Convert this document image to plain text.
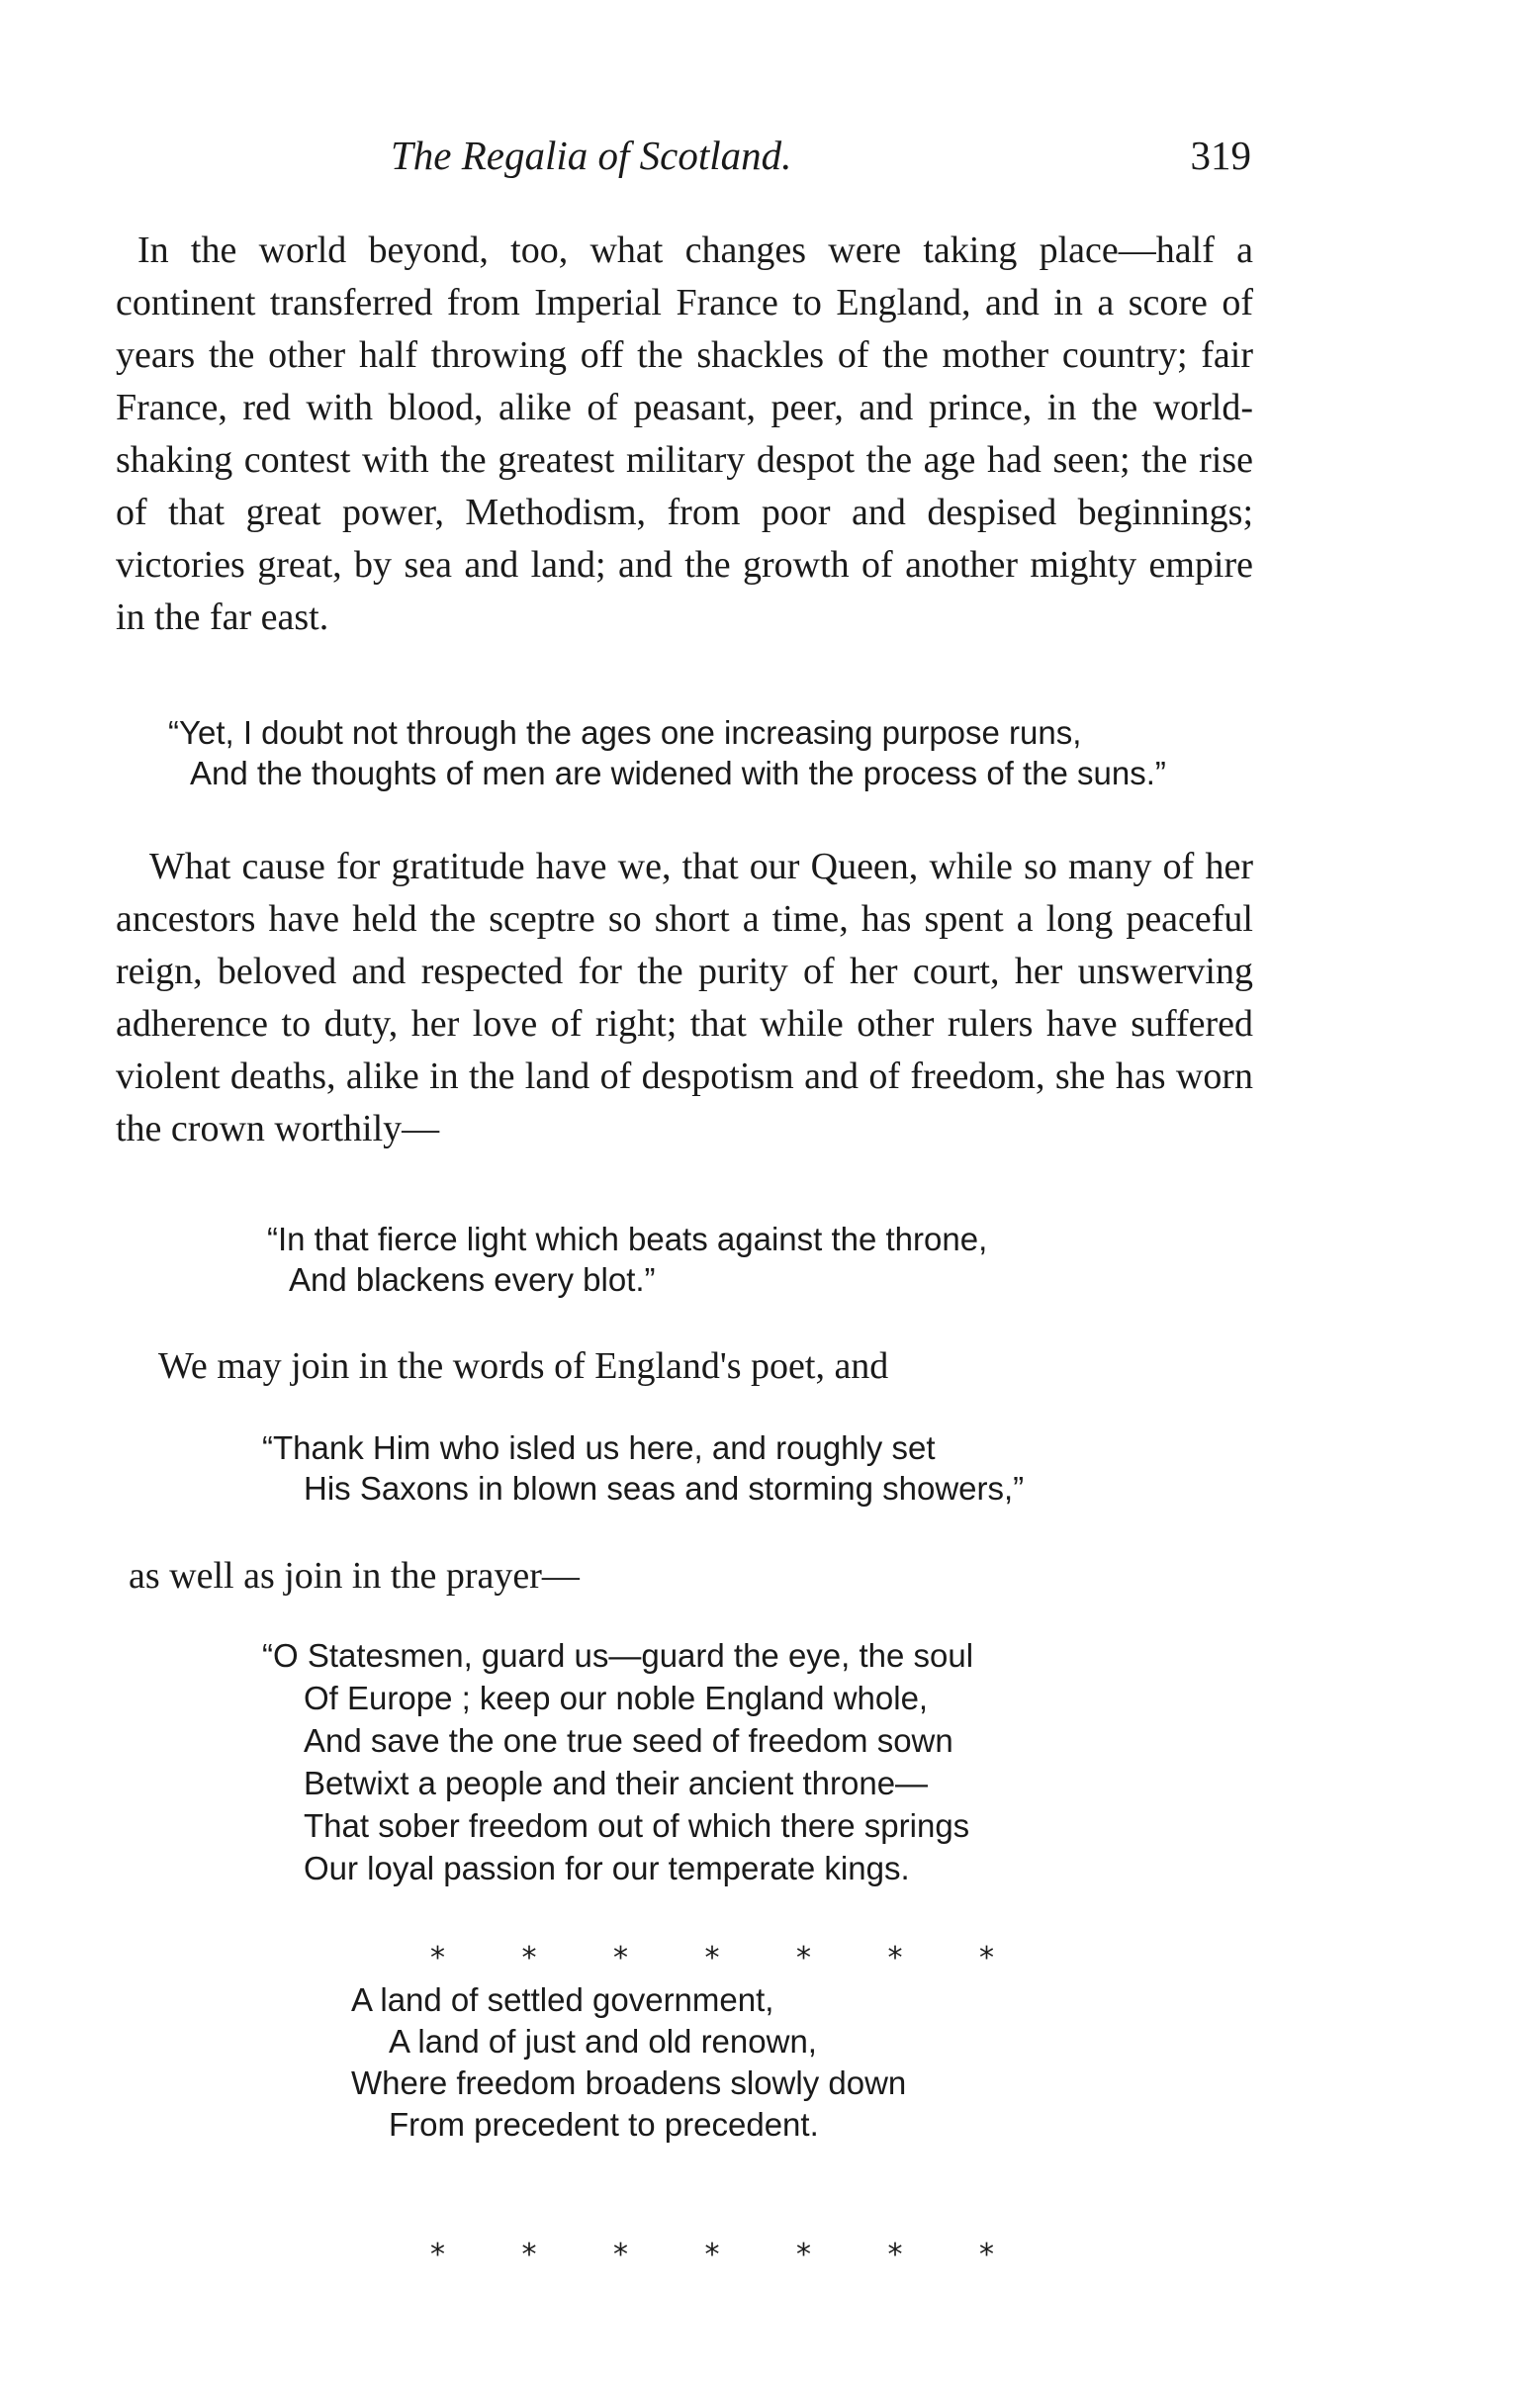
The Regalia of Scotland.	319

In the world beyond, too, what changes were taking place—half a continent transferred from Imperial France to England, and in a score of years the other half throwing off the shackles of the mother country; fair France, red with blood, alike of peasant, peer, and prince, in the world-shaking contest with the greatest military despot the age had seen; the rise of that great power, Methodism, from poor and despised beginnings; victories great, by sea and land; and the growth of another mighty empire in the far east.

“Yet, I doubt not through the ages one increasing purpose runs,
And the thoughts of men are widened with the process of the suns.”

What cause for gratitude have we, that our Queen, while so many of her ancestors have held the sceptre so short a time, has spent a long peaceful reign, beloved and respected for the purity of her court, her unswerving adherence to duty, her love of right; that while other rulers have suffered violent deaths, alike in the land of despotism and of freedom, she has worn the crown worthily—

“In that fierce light which beats against the throne,
And blackens every blot.”

We may join in the words of England's poet, and

“Thank Him who isled us here, and roughly set
His Saxons in blown seas and storming showers,”

as well as join in the prayer—

“O Statesmen, guard us—guard the eye, the soul
Of Europe ; keep our noble England whole,
And save the one true seed of freedom sown
Betwixt a people and their ancient throne—
That sober freedom out of which there springs
Our loyal passion for our temperate kings.
*	*	*	*	*	*	*
A land of settled government,
A land of just and old renown,
Where freedom broadens slowly down
From precedent to precedent.
*	*	*	*	*	*	*
